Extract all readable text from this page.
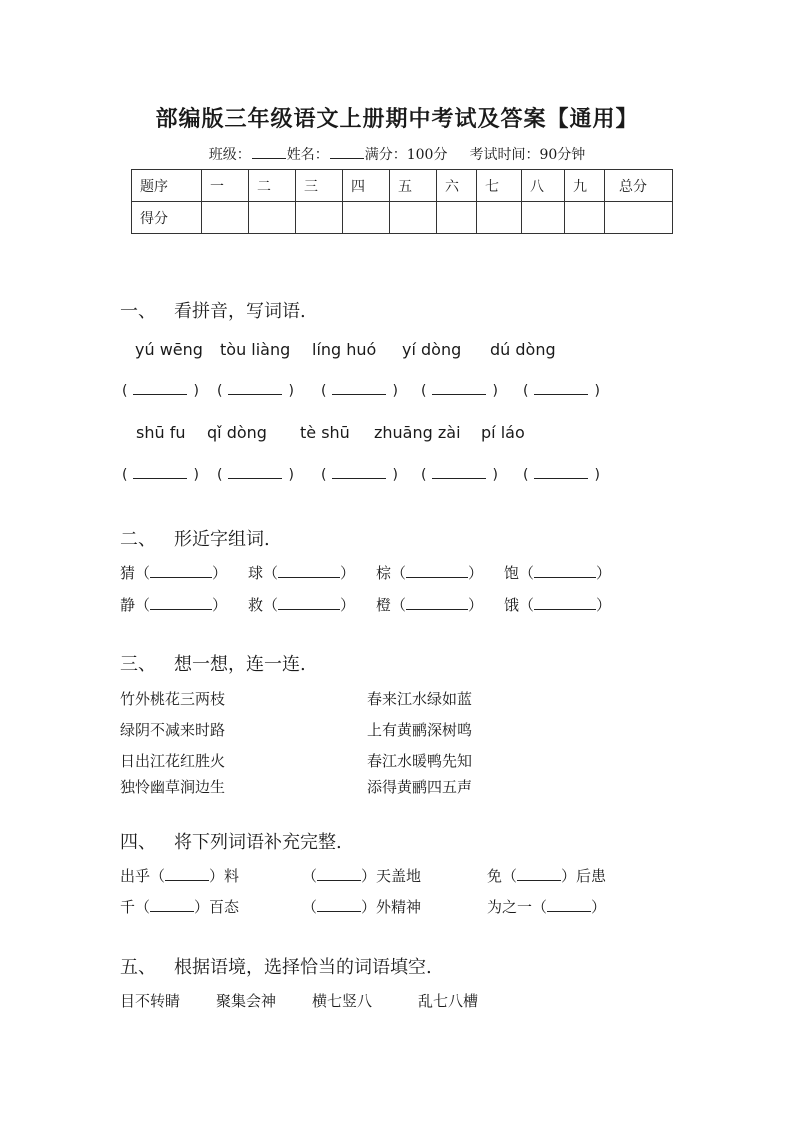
部编版三年级语文上册期中考试及答案【通用】
班级：	姓名：	满分：100分 考试时间：90分钟
题序	一	二	三	四	五	六	七	八	九	总分
得分										
一、 看拼音，写词语.
yú wēng tòu liàng líng huó yí dòng dú dòng
(	) (	) (	) (	) (	)
shū fu qǐ dòng tè shū zhuāng zài pí láo
(	) (	) (	) (	) (	)
二、 形近字组词.
猜（	） 球（	） 棕（	） 饱（	）
静（	） 救（	） 橙（	） 饿（	）
三、 想一想，连一连.
竹外桃花三两枝
绿阴不减来时路
日出江花红胜火
独怜幽草涧边生
春来江水绿如蓝
上有黄鹂深树鸣
春江水暖鸭先知
添得黄鹂四五声
四、 将下列词语补充完整.
出乎（	）料	（	）天盖地	免（	）后患
千（	）百态	（	）外精神	为之一（	）
五、 根据语境，选择恰当的词语填空.
目不转睛 聚集会神 横七竖八	乱七八槽
